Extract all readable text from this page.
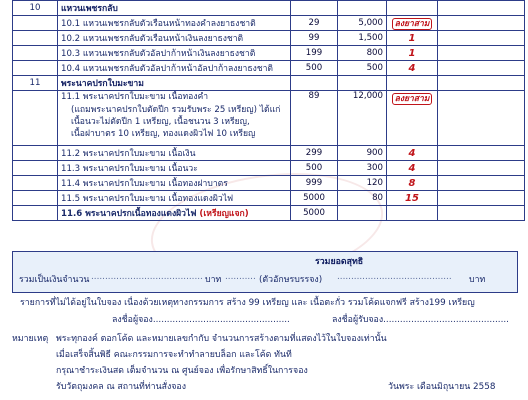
10	แหวนเพชรกลับ				
	10.1 แหวนเพชรกลับตัวเรือนหน้าทองคำลงยาธงชาติ	29	5,000	ลงยาสาม	
	10.2 แหวนเพชรกลับตัวเรือนหน้าเงินลงยาธงชาติ	99	1,500	1	
	10.3 แหวนเพชรกลับตัวอัลปาก้าหน้าเงินลงยาธงชาติ	199	800	1	
	10.4 แหวนเพชรกลับตัวอัลปาก้าหน้าอัลปาก้าลงยาธงชาติ	500	500	4	
11	พระนาคปรกใบมะขาม				

	11.1 พระนาคปรกใบมะขาม เนื้อทองคำ
(แถมพระนาคปรกใบตัดปีก รวมรับพระ 25 เหรียญ) ได้แก่
เนื้อนวะไม่ตัดปีก 1 เหรียญ, เนื้อชนวน 3 เหรียญ,
เนื้อฝาบาตร 10 เหรียญ, ทองแดงผิวไฟ 10 เหรียญ	89	12,000	ลงยาสาม	
	11.2 พระนาคปรกใบมะขาม เนื้อเงิน	299	900	4	
	11.3 พระนาคปรกใบมะขาม เนื้อนวะ	500	300	4	
	11.4 พระนาคปรกใบมะขาม เนื้อทองฝาบาตร	999	120	8	
	11.5 พระนาคปรกใบมะขาม เนื้อทองแดงผิวไฟ	5000	80	15	
	11.6 พระนาคปรกเนื้อทองแดงผิวไฟ (เหรียญแจก)	5000			
รวมยอดสุทธิ
รวมเป็นเงินจำนวน ........................................ บาท ........... (ตัวอักษรบรรจง) ......................................... บาท
รายการที่ไม่ได้อยู่ในใบจอง เนื่องด้วยเหตุทางกรรมการ สร้าง 99 เหรียญ และ เนื้อตะกั่ว รวมโค้ดแจกฟรี สร้าง199 เหรียญ
ลงชื่อผู้จอง.................................................	ลงชื่อผู้รับจอง.............................................
หมายเหตุ พระทุกองค์ ตอกโค้ด และหมายเลขกำกับ จำนวนการสร้างตามที่แสดงไว้ในใบจองเท่านั้น
เมื่อเสร็จสิ้นพิธี คณะกรรมการจะทำทำลายบล็อก และโค้ด ทันที
กรุณาชำระเงินสด เต็มจำนวน ณ ศูนย์จอง เพื่อรักษาสิทธิ์ในการจอง
รับวัตถุมงคล ณ สถานที่ท่านสั่งจอง	วันพระ เดือนมิถุนายน 2558
